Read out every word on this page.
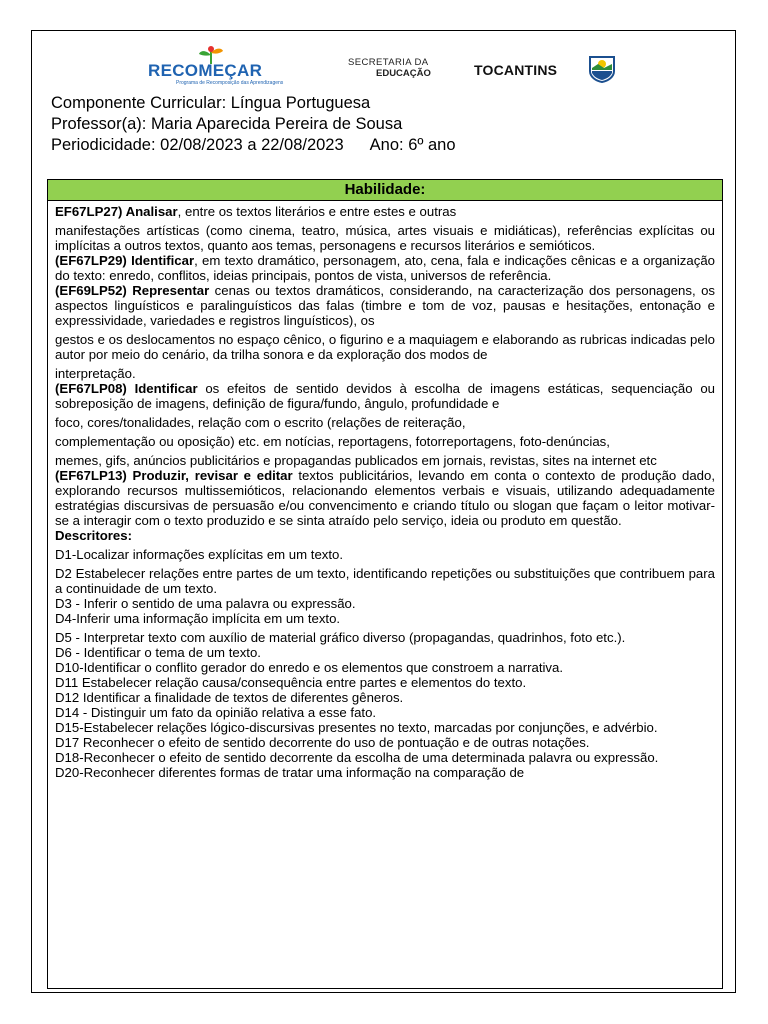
RECOMEÇAR
Programa de Recomposição das Aprendizagens
SECRETARIA DA
EDUCAÇÃO	TOCANTINS
Componente Curricular: Língua Portuguesa
Professor(a): Maria Aparecida Pereira de Sousa
Periodicidade: 02/08/2023 a 22/08/2023 Ano: 6º ano
Habilidade:

EF67LP27) Analisar, entre os textos literários e entre estes e outras

manifestações artísticas (como cinema, teatro, música, artes visuais e midiáticas), referências explícitas ou implícitas a outros textos, quanto aos temas, personagens e recursos literários e semióticos.

(EF67LP29) Identificar, em texto dramático, personagem, ato, cena, fala e indicações cênicas e a organização do texto: enredo, conflitos, ideias principais, pontos de vista, universos de referência.

(EF69LP52) Representar cenas ou textos dramáticos, considerando, na caracterização dos personagens, os aspectos linguísticos e paralinguísticos das falas (timbre e tom de voz, pausas e hesitações, entonação e expressividade, variedades e registros linguísticos), os

gestos e os deslocamentos no espaço cênico, o figurino e a maquiagem e elaborando as rubricas indicadas pelo autor por meio do cenário, da trilha sonora e da exploração dos modos de

interpretação.

(EF67LP08) Identificar os efeitos de sentido devidos à escolha de imagens estáticas, sequenciação ou sobreposição de imagens, definição de figura/fundo, ângulo, profundidade e

foco, cores/tonalidades, relação com o escrito (relações de reiteração,

complementação ou oposição) etc. em notícias, reportagens, fotorreportagens, foto-denúncias,

memes, gifs, anúncios publicitários e propagandas publicados em jornais, revistas, sites na internet etc

(EF67LP13) Produzir, revisar e editar textos publicitários, levando em conta o contexto de produção dado, explorando recursos multissemióticos, relacionando elementos verbais e visuais, utilizando adequadamente estratégias discursivas de persuasão e/ou convencimento e criando título ou slogan que façam o leitor motivar-se a interagir com o texto produzido e se sinta atraído pelo serviço, ideia ou produto em questão.

Descritores:

D1-Localizar informações explícitas em um texto.

D2 Estabelecer relações entre partes de um texto, identificando repetições ou substituições que contribuem para a continuidade de um texto.

D3 - Inferir o sentido de uma palavra ou expressão.

D4-Inferir uma informação implícita em um texto.

D5 - Interpretar texto com auxílio de material gráfico diverso (propagandas, quadrinhos, foto etc.).

D6 - Identificar o tema de um texto.

D10-Identificar o conflito gerador do enredo e os elementos que constroem a narrativa.

D11 Estabelecer relação causa/consequência entre partes e elementos do texto.

D12 Identificar a finalidade de textos de diferentes gêneros.

D14 - Distinguir um fato da opinião relativa a esse fato.

D15-Estabelecer relações lógico-discursivas presentes no texto, marcadas por conjunções, e advérbio.

D17 Reconhecer o efeito de sentido decorrente do uso de pontuação e de outras notações.

D18-Reconhecer o efeito de sentido decorrente da escolha de uma determinada palavra ou expressão.

D20-Reconhecer diferentes formas de tratar uma informação na comparação de
